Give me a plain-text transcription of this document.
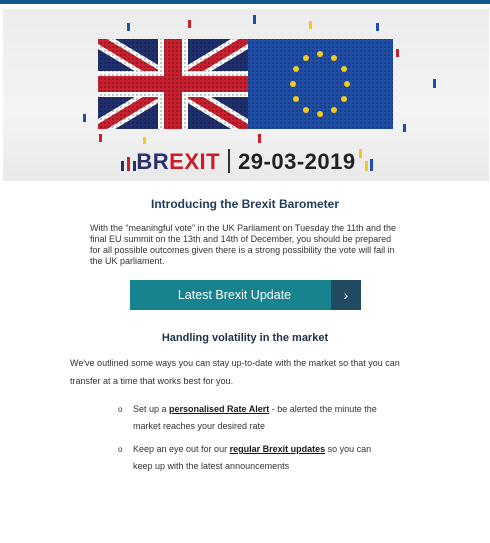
BREXIT 29-03-2019
Introducing the Brexit Barometer
With the “meaningful vote” in the UK Parliament on Tuesday the 11th and the final EU summit on the 13th and 14th of December, you should be prepared for all possible outcomes given there is a strong possibility the vote will fail in the UK parliament.
Latest Brexit Update	›
Handling volatility in the market
We've outlined some ways you can stay up-to-date with the market so that you can transfer at a time that works best for you.
o Set up a personalised Rate Alert - be alerted the minute the market reaches your desired rate
o Keep an eye out for our regular Brexit updates so you can keep up with the latest announcements
